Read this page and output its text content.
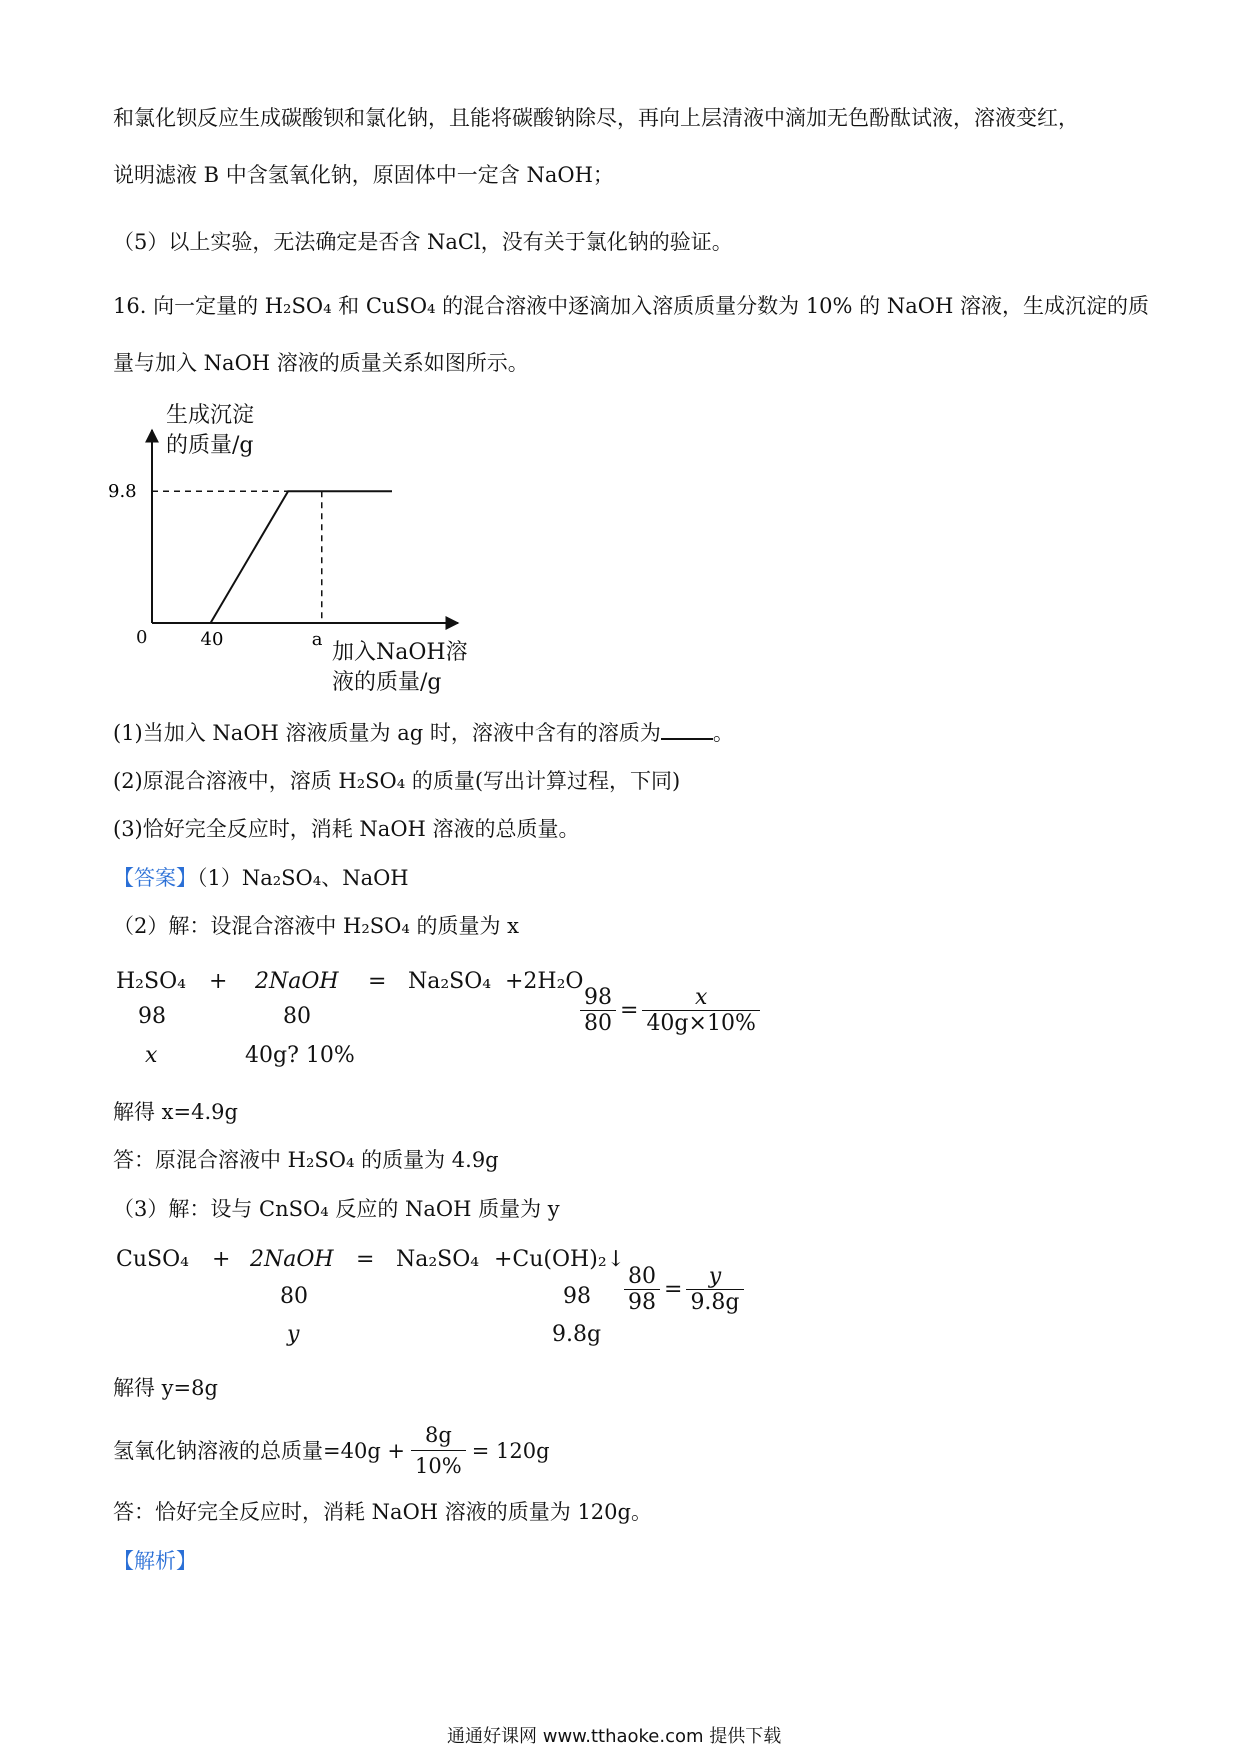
和氯化钡反应生成碳酸钡和氯化钠，且能将碳酸钠除尽，再向上层清液中滴加无色酚酞试液，溶液变红，
说明滤液 B 中含氢氧化钠，原固体中一定含 NaOH；
（5）以上实验，无法确定是否含 NaCl，没有关于氯化钠的验证。
16. 向一定量的 H₂SO₄ 和 CuSO₄ 的混合溶液中逐滴加入溶质质量分数为 10% 的 NaOH 溶液，生成沉淀的质
量与加入 NaOH 溶液的质量关系如图所示。
生成沉淀
的质量/g
加入NaOH溶
液的质量/g
0	40	a
9.8
(1)当加入 NaOH 溶液质量为 ag 时，溶液中含有的溶质为 。
(2)原混合溶液中，溶质 H₂SO₄ 的质量(写出计算过程，下同)
(3)恰好完全反应时，消耗 NaOH 溶液的总质量。
【答案】（1）Na₂SO₄、NaOH
（2）解：设混合溶液中 H₂SO₄ 的质量为 x
H₂SO₄ + 2NaOH = Na₂SO₄ +2H₂O
98	80
x	40g? 10%
$\frac{98}{80} = \frac{x}{40g\times 10\%}$
解得 x=4.9g
答：原混合溶液中 H₂SO₄ 的质量为 4.9g
（3）解：设与 CnSO₄ 反应的 NaOH 质量为 y
CuSO₄ + 2NaOH = Na₂SO₄ +Cu(OH)₂↓
80	98
y	9.8g
$\frac{80}{98} = \frac{y}{9.8g}$
解得 y=8g
氢氧化钠溶液的总质量$=40g + \frac{8g}{10\%} = 120g$
答：恰好完全反应时，消耗 NaOH 溶液的质量为 120g。
【解析】
通通好课网 www.tthaoke.com 提供下载
